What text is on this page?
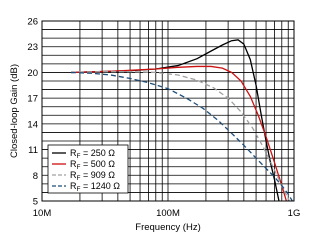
5
8
11
14
17
20
23
26
10M	100M	1G
Frequency (Hz)
Closed-loop Gain (dB)	$R_F = 250$ Ω
$R_F = 500$ Ω
$R_F = 909$ Ω
$R_F = 1240$ Ω
